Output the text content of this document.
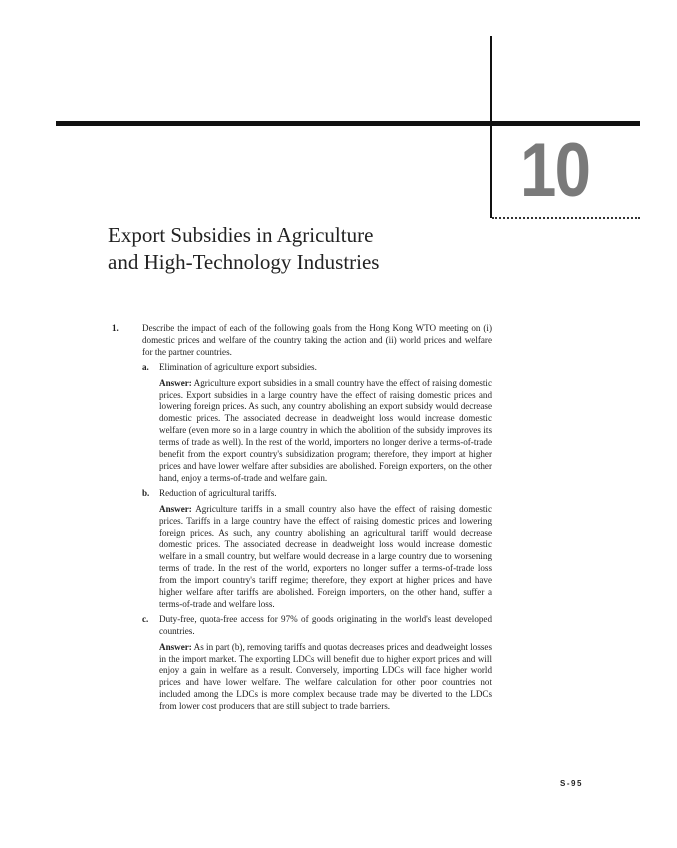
10
Export Subsidies in Agriculture
and High-Technology Industries
1.	Describe the impact of each of the following goals from the Hong Kong WTO meeting on (i) domestic prices and welfare of the country taking the action and (ii) world prices and welfare for the partner countries.
a. Elimination of agriculture export subsidies.
Answer: Agriculture export subsidies in a small country have the effect of raising domestic prices. Export subsidies in a large country have the effect of raising domestic prices and lowering foreign prices. As such, any country abolishing an export subsidy would decrease domestic prices. The associated decrease in deadweight loss would increase domestic welfare (even more so in a large country in which the abolition of the subsidy improves its terms of trade as well). In the rest of the world, importers no longer derive a terms-of-trade benefit from the export country's subsidization program; therefore, they import at higher prices and have lower welfare after subsidies are abolished. Foreign exporters, on the other hand, enjoy a terms-of-trade and welfare gain.
b. Reduction of agricultural tariffs.
Answer: Agriculture tariffs in a small country also have the effect of raising domestic prices. Tariffs in a large country have the effect of raising domestic prices and lowering foreign prices. As such, any country abolishing an agricultural tariff would decrease domestic prices. The associated decrease in deadweight loss would increase domestic welfare in a small country, but welfare would decrease in a large country due to worsening terms of trade. In the rest of the world, exporters no longer suffer a terms-of-trade loss from the import country's tariff regime; therefore, they export at higher prices and have higher welfare after tariffs are abolished. Foreign importers, on the other hand, suffer a terms-of-trade and welfare loss.
c. Duty-free, quota-free access for 97% of goods originating in the world's least developed countries.
Answer: As in part (b), removing tariffs and quotas decreases prices and deadweight losses in the import market. The exporting LDCs will benefit due to higher export prices and will enjoy a gain in welfare as a result. Conversely, importing LDCs will face higher world prices and have lower welfare. The welfare calculation for other poor countries not included among the LDCs is more complex because trade may be diverted to the LDCs from lower cost producers that are still subject to trade barriers.
S-95
